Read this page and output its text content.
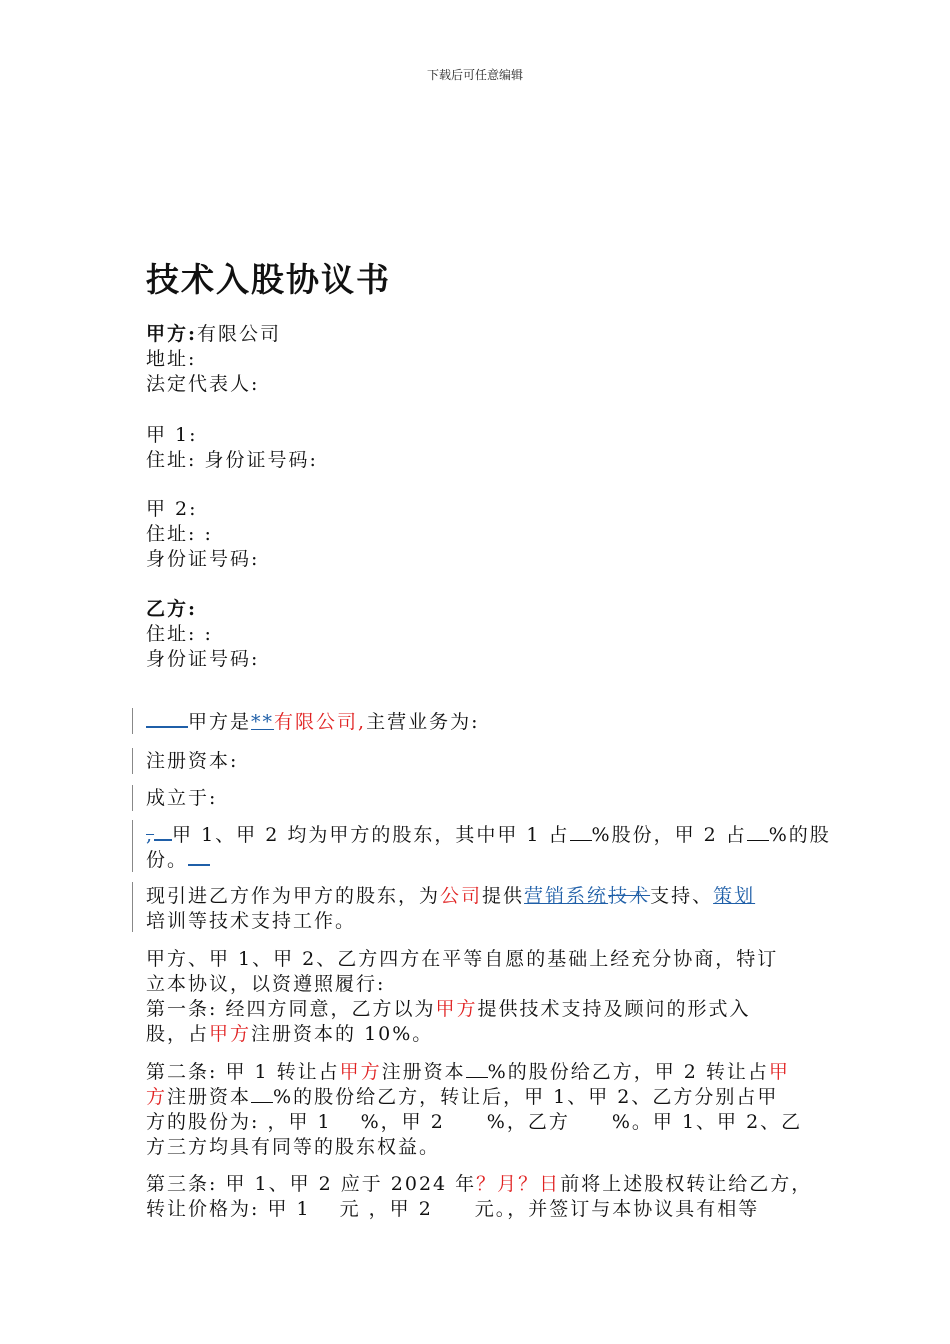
下载后可任意编辑
技术入股协议书
甲方:有限公司
地址:
法定代表人:
甲 1:
住址: 身份证号码:
甲 2:
住址: :
身份证号码:
乙方:
住址: :
身份证号码:
甲方是**有限公司,主营业务为:
注册资本:
成立于:
, 甲 1、甲 2 均为甲方的股东，其中甲 1 占 %股份，甲 2 占 %的股
份。
现引进乙方作为甲方的股东，为公司提供营销系统技术支持、策划
培训等技术支持工作。
甲方、甲 1、甲 2、乙方四方在平等自愿的基础上经充分协商，特订
立本协议，以资遵照履行:
第一条: 经四方同意，乙方以为甲方提供技术支持及顾问的形式入
股，占甲方注册资本的 10%。
第二条: 甲 1 转让占甲方注册资本 %的股份给乙方，甲 2 转让占甲
方注册资本 %的股份给乙方，转让后，甲 1、甲 2、乙方分别占甲
方的股份为: ，甲 1　 %，甲 2　　%，乙方　　%。甲 1、甲 2、乙
方三方均具有同等的股东权益。
第三条: 甲 1、甲 2 应于 2024 年？月？日前将上述股权转让给乙方，
转让价格为: 甲 1　 元 ，甲 2　　元。，并签订与本协议具有相等
